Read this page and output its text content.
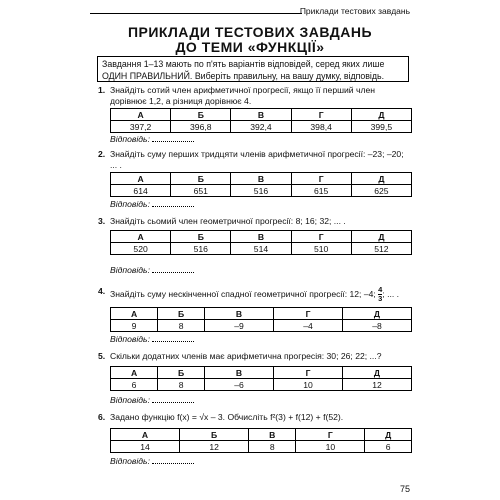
Приклади тестових завдань
ПРИКЛАДИ ТЕСТОВИХ ЗАВДАНЬ
ДО ТЕМИ «ФУНКЦІЇ»
Завдання 1–13 мають по п'ять варіантів відповідей, серед яких лише ОДИН ПРАВИЛЬНИЙ. Виберіть правильну, на вашу думку, відповідь.
1. Знайдіть сотий член арифметичної прогресії, якщо її перший член дорівнює 1,2, а різниця дорівнює 4.
А	Б	В	Г	Д
397,2	396,8	392,4	398,4	399,5
Відповідь:
2. Знайдіть суму перших тридцяти членів арифметичної прогресії: –23; –20; ... .
А	Б	В	Г	Д
614	651	516	615	625
Відповідь:
3. Знайдіть сьомий член геометричної прогресії: 8; 16; 32; ... .
А	Б	В	Г	Д
520	516	514	510	512
Відповідь:
4. Знайдіть суму нескінченної спадної геометричної прогресії: 12; –4; $\frac{4}{3}$ ; ... .
А	Б	В	Г	Д
9	8	–9	–4	–8
Відповідь:
5. Скільки додатних членів має арифметична прогресія: 30; 26; 22; ...?
А	Б	В	Г	Д
6	8	–6	10	12
Відповідь:
6. Задано функцію f(x) = √x – 3. Обчисліть f²(3) + f(12) + f(52).
А	Б	В	Г	Д
14	12	8	10	6
Відповідь:
75
